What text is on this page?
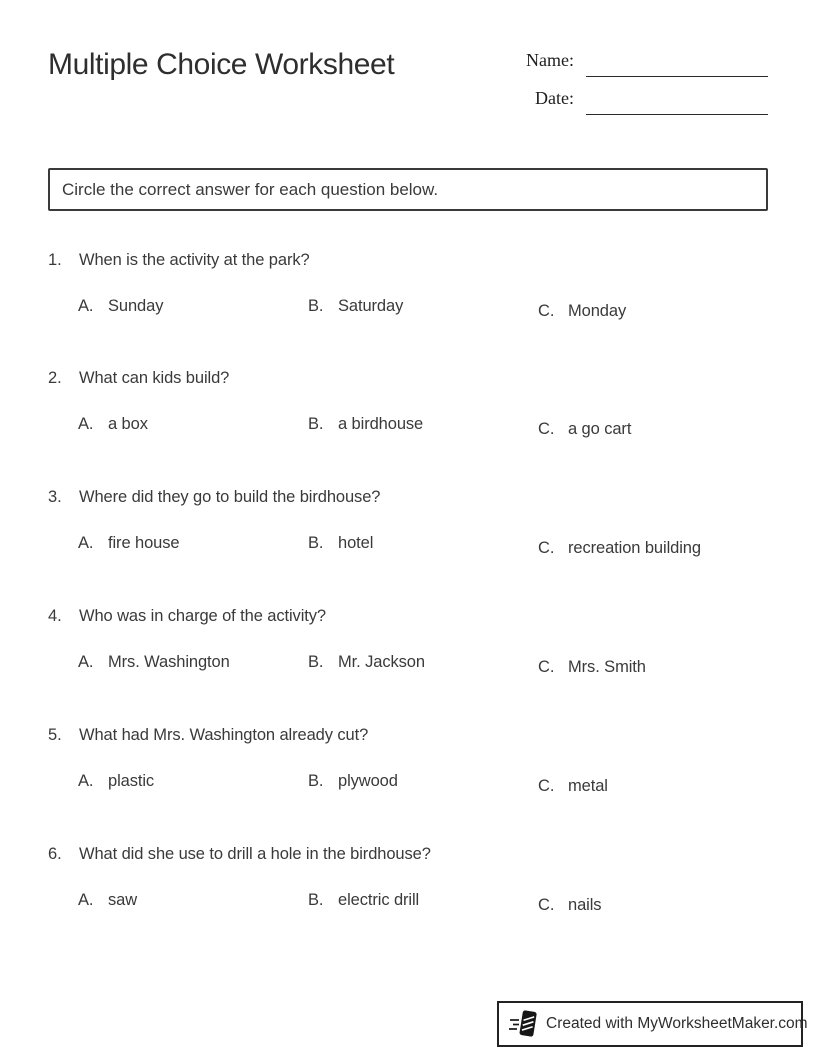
Multiple Choice Worksheet	Name:
Date:
Circle the correct answer for each question below.
1. When is the activity at the park?
A. Sunday	B. Saturday	C. Monday
2. What can kids build?
A. a box	B. a birdhouse	C. a go cart
3. Where did they go to build the birdhouse?
A. fire house	B. hotel	C. recreation building
4. Who was in charge of the activity?
A. Mrs. Washington	B. Mr. Jackson	C. Mrs. Smith
5. What had Mrs. Washington already cut?
A. plastic	B. plywood	C. metal
6. What did she use to drill a hole in the birdhouse?
A. saw	B. electric drill	C. nails
Created with MyWorksheetMaker.com
